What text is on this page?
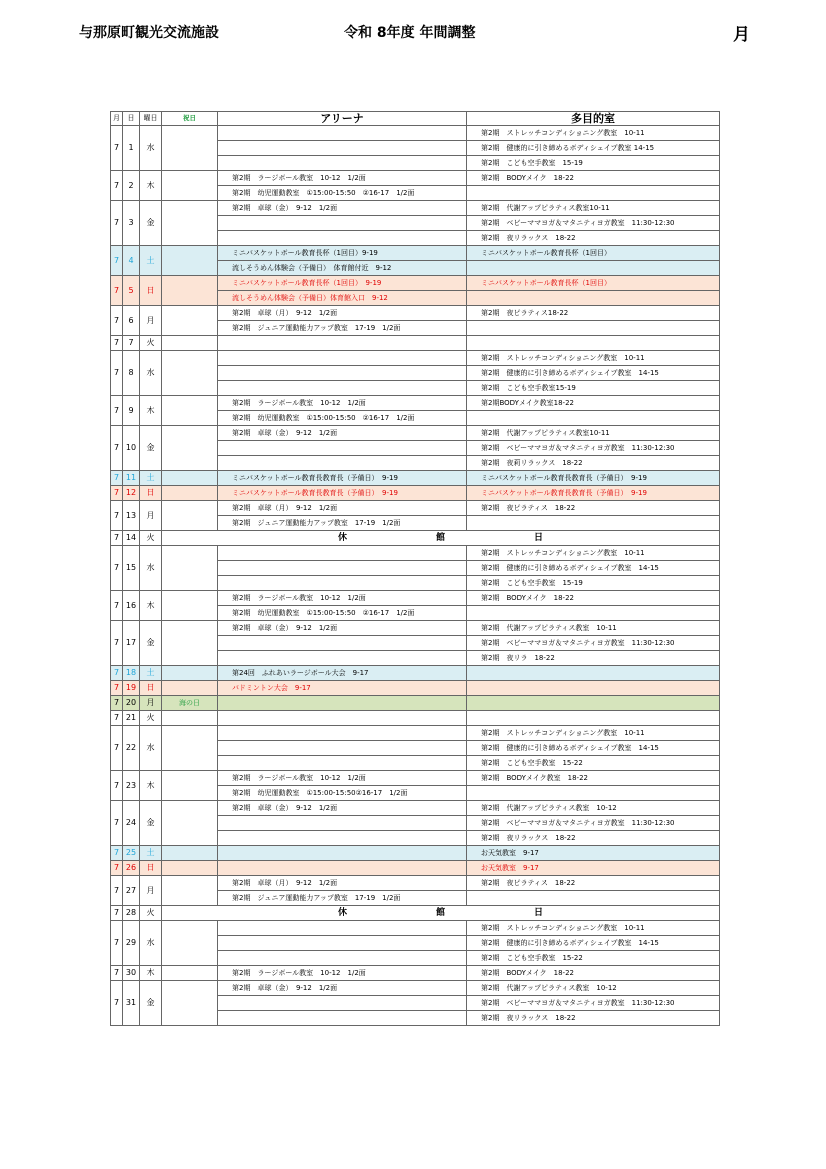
与那原町観光交流施設	令和 8年度 年間調整	月
月	日	曜日	祝日	アリーナ	多目的室
7	1	水			第2期　ストレッチコンディショニング教室　10-11
					第2期　健康的に引き締めるボディシェイプ教室 14-15
					第2期　こども空手教室　15-19
7	2	木		第2期　ラージボール教室　10-12　1/2面	第2期　BODYメイク　18-22
				第2期　幼児運動教室　①15:00-15:50　②16-17　1/2面	
7	3	金		第2期　卓球（金）　9-12　1/2面	第2期　代謝アップピラティス教室10-11
					第2期　ベビーママヨガ＆マタニティヨガ教室　11:30-12:30
					第2期　夜リラックス　18-22
7	4	土		ミニバスケットボール教育長杯（1回目）9-19	ミニバスケットボール教育長杯（1回目）
				流しそうめん体験会（予備日）　体育館付近　9-12	
7	5	日		ミニバスケットボール教育長杯（1回目）　9-19	ミニバスケットボール教育長杯（1回目）
				流しそうめん体験会（予備日）体育館入口　9-12	
7	6	月		第2期　卓球（月）　9-12　1/2面	第2期　夜ピラティス18-22
				第2期　ジュニア運動能力アップ教室　17-19　1/2面	
7	7	火			
7	8	水			第2期　ストレッチコンディショニング教室　10-11
					第2期　健康的に引き締めるボディシェイプ教室　14-15
					第2期　こども空手教室15-19
7	9	木		第2期　ラージボール教室　10-12　1/2面	第2期BODYメイク教室18-22
				第2期　幼児運動教室　①15:00-15:50　②16-17　1/2面	
7	10	金		第2期　卓球（金）　9-12　1/2面	第2期　代謝アップピラティス教室10-11
					第2期　ベビーママヨガ＆マタニティヨガ教室　11:30-12:30
					第2期　夜莉リラックス　18-22
7	11	土		ミニバスケットボール教育長教育長（予備日）　9-19	ミニバスケットボール教育長教育長（予備日）　9-19
7	12	日		ミニバスケットボール教育長教育長（予備日）　9-19	ミニバスケットボール教育長教育長（予備日）　9-19
7	13	月		第2期　卓球（月）　9-12　1/2面	第2期　夜ピラティス　18-22
				第2期　ジュニア運動能力アップ教室　17-19　1/2面	
7	14	火	休 館 日		
7	15	水			第2期　ストレッチコンディショニング教室　10-11
					第2期　健康的に引き締めるボディシェイプ教室　14-15
					第2期　こども空手教室　15-19
7	16	木		第2期　ラージボール教室　10-12　1/2面	第2期　BODYメイク　18-22
				第2期　幼児運動教室　①15:00-15:50　②16-17　1/2面	
7	17	金		第2期　卓球（金）　9-12　1/2面	第2期　代謝アップピラティス教室　10-11
					第2期　ベビーママヨガ＆マタニティヨガ教室　11:30-12:30
					第2期　夜リラ　18-22
7	18	土		第24回　ふれあいラージボール大会　9-17	
7	19	日		バドミントン大会　9-17	
7	20	月	海の日		
7	21	火			
7	22	水			第2期　ストレッチコンディショニング教室　10-11
					第2期　健康的に引き締めるボディシェイプ教室　14-15
					第2期　こども空手教室　15-22
7	23	木		第2期　ラージボール教室　10-12　1/2面	第2期　BODYメイク教室　18-22
				第2期　幼児運動教室　①15:00-15:50②16-17　1/2面	
7	24	金		第2期　卓球（金）　9-12　1/2面	第2期　代謝アップピラティス教室　10-12
					第2期　ベビーママヨガ＆マタニティヨガ教室　11:30-12:30
					第2期　夜リラックス　18-22
7	25	土			お天気教室　9-17
7	26	日			お天気教室　9-17
7	27	月		第2期　卓球（月）　9-12　1/2面	第2期　夜ピラティス　18-22
				第2期　ジュニア運動能力アップ教室　17-19　1/2面	
7	28	火	休 館 日		
7	29	水			第2期　ストレッチコンディショニング教室　10-11
					第2期　健康的に引き締めるボディシェイプ教室　14-15
					第2期　こども空手教室　15-22
7	30	木		第2期　ラージボール教室　10-12　1/2面	第2期　BODYメイク　18-22
7	31	金		第2期　卓球（金）　9-12　1/2面	第2期　代謝アップピラティス教室　10-12
					第2期　ベビーママヨガ＆マタニティヨガ教室　11:30-12:30
					第2期　夜リラックス　18-22
